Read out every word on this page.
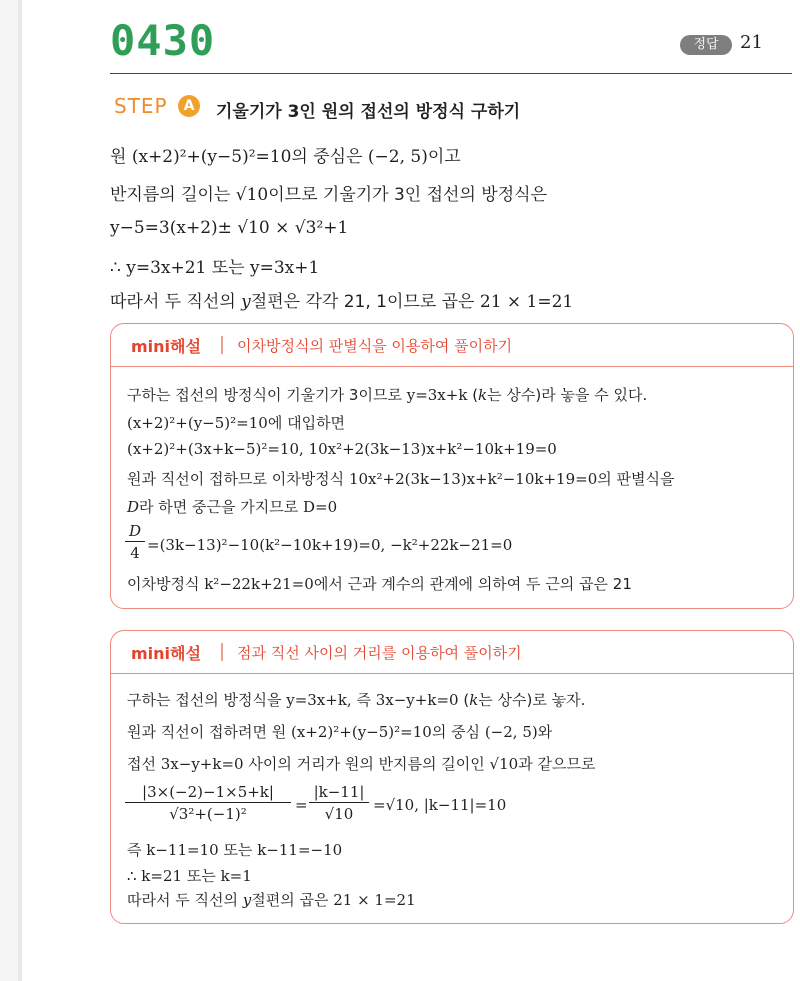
0430	정답	21
STEP	A	기울기가 3인 원의 접선의 방정식 구하기
원 (x+2)²+(y−5)²=10의 중심은 (−2, 5)이고
반지름의 길이는 √10이므로 기울기가 3인 접선의 방정식은
y−5=3(x+2)± √10 × √3²+1
∴ y=3x+21 또는 y=3x+1
따라서 두 직선의 y절편은 각각 21, 1이므로 곱은 21 × 1=21
mini해설 이차방정식의 판별식을 이용하여 풀이하기
구하는 접선의 방정식이 기울기가 3이므로 y=3x+k (k는 상수)라 놓을 수 있다.
(x+2)²+(y−5)²=10에 대입하면
(x+2)²+(3x+k−5)²=10, 10x²+2(3k−13)x+k²−10k+19=0
원과 직선이 접하므로 이차방정식 10x²+2(3k−13)x+k²−10k+19=0의 판별식을
D라 하면 중근을 가지므로 D=0
$\frac{D}{4} =(3k-13)^2-10(k^2-10k+19)=0$, −k²+22k−21=0
이차방정식 k²−22k+21=0에서 근과 계수의 관계에 의하여 두 근의 곱은 21
mini해설 점과 직선 사이의 거리를 이용하여 풀이하기
구하는 접선의 방정식을 y=3x+k, 즉 3x−y+k=0 (k는 상수)로 놓자.
원과 직선이 접하려면 원 (x+2)²+(y−5)²=10의 중심 (−2, 5)와
접선 3x−y+k=0 사이의 거리가 원의 반지름의 길이인 √10과 같으므로
$\frac{|3\times(-2)-1\times 5+k|}{\text{√3²+(−1)²}} = \frac{|k-11|}{√10} =√10$, |k−11|=10
즉 k−11=10 또는 k−11=−10
∴ k=21 또는 k=1
따라서 두 직선의 y절편의 곱은 21 × 1=21
